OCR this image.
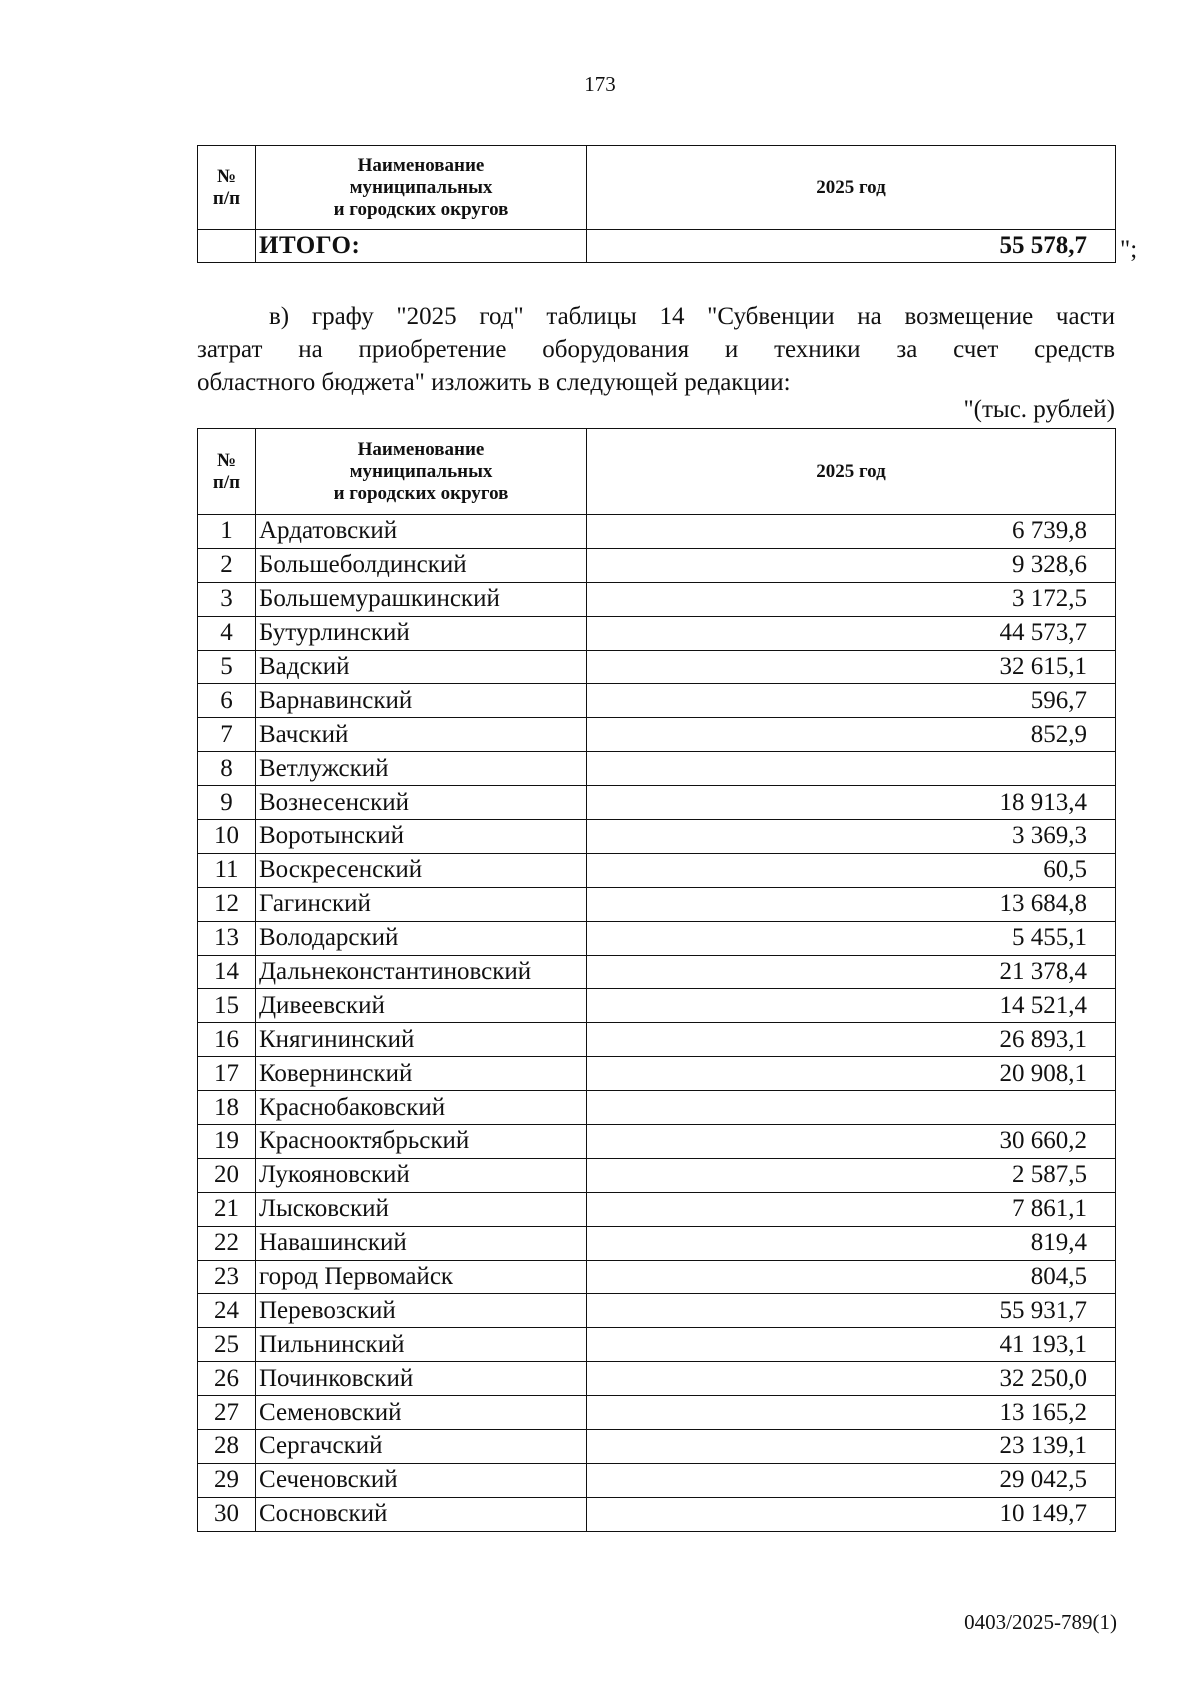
173
№
п/п	Наименование
муниципальных
и городских округов	2025 год
	ИТОГО:	55 578,7 ";
в) графу "2025 год" таблицы 14 "Субвенции на возмещение части
затрат на приобретение оборудования и техники за счет средств
областного бюджета" изложить в следующей редакции:
"(тыс. рублей)
№
п/п	Наименование
муниципальных
и городских округов	2025 год
1	Ардатовский	6 739,8
2	Большеболдинский	9 328,6
3	Большемурашкинский	3 172,5
4	Бутурлинский	44 573,7
5	Вадский	32 615,1
6	Варнавинский	596,7
7	Вачский	852,9
8	Ветлужский	
9	Вознесенский	18 913,4
10	Воротынский	3 369,3
11	Воскресенский	60,5
12	Гагинский	13 684,8
13	Володарский	5 455,1
14	Дальнеконстантиновский	21 378,4
15	Дивеевский	14 521,4
16	Княгининский	26 893,1
17	Ковернинский	20 908,1
18	Краснобаковский	
19	Краснооктябрьский	30 660,2
20	Лукояновский	2 587,5
21	Лысковский	7 861,1
22	Навашинский	819,4
23	город Первомайск	804,5
24	Перевозский	55 931,7
25	Пильнинский	41 193,1
26	Починковский	32 250,0
27	Семеновский	13 165,2
28	Сергачский	23 139,1
29	Сеченовский	29 042,5
30	Сосновский	10 149,7
0403/2025-789(1)
